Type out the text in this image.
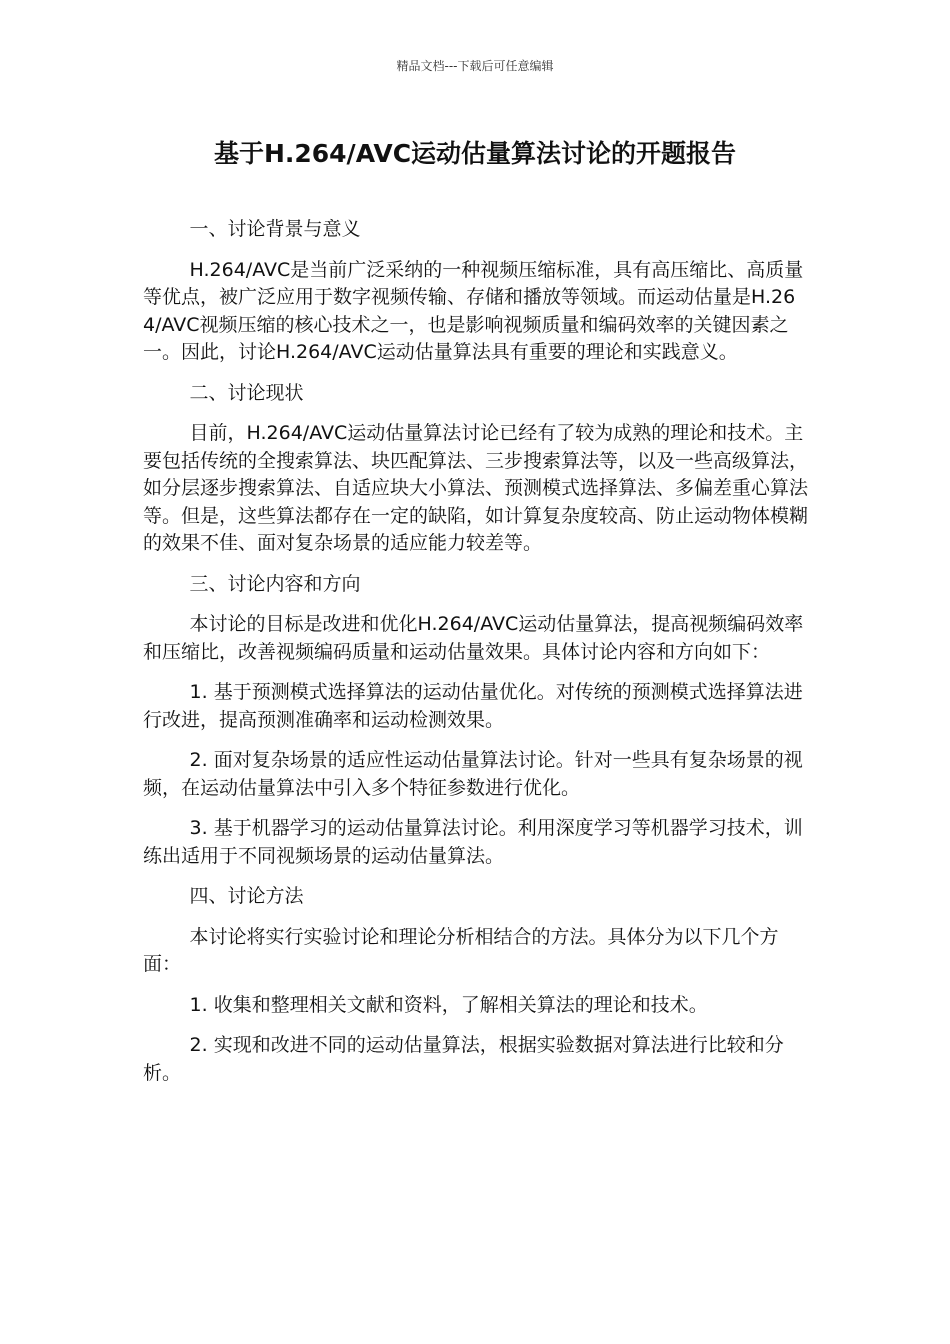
精品文档---下载后可任意编辑
基于H.264/AVC运动估量算法讨论的开题报告

一、讨论背景与意义

H.264/AVC是当前广泛采纳的一种视频压缩标准，具有高压缩比、高质量等优点，被广泛应用于数字视频传输、存储和播放等领域。而运动估量是H.264/AVC视频压缩的核心技术之一，也是影响视频质量和编码效率的关键因素之一。因此，讨论H.264/AVC运动估量算法具有重要的理论和实践意义。

二、讨论现状

目前，H.264/AVC运动估量算法讨论已经有了较为成熟的理论和技术。主要包括传统的全搜索算法、块匹配算法、三步搜索算法等，以及一些高级算法，如分层逐步搜索算法、自适应块大小算法、预测模式选择算法、多偏差重心算法等。但是，这些算法都存在一定的缺陷，如计算复杂度较高、防止运动物体模糊的效果不佳、面对复杂场景的适应能力较差等。

三、讨论内容和方向

本讨论的目标是改进和优化H.264/AVC运动估量算法，提高视频编码效率和压缩比，改善视频编码质量和运动估量效果。具体讨论内容和方向如下：

1. 基于预测模式选择算法的运动估量优化。对传统的预测模式选择算法进行改进，提高预测准确率和运动检测效果。

2. 面对复杂场景的适应性运动估量算法讨论。针对一些具有复杂场景的视频，在运动估量算法中引入多个特征参数进行优化。

3. 基于机器学习的运动估量算法讨论。利用深度学习等机器学习技术，训练出适用于不同视频场景的运动估量算法。

四、讨论方法

本讨论将实行实验讨论和理论分析相结合的方法。具体分为以下几个方面：

1. 收集和整理相关文献和资料，了解相关算法的理论和技术。

2. 实现和改进不同的运动估量算法，根据实验数据对算法进行比较和分析。
